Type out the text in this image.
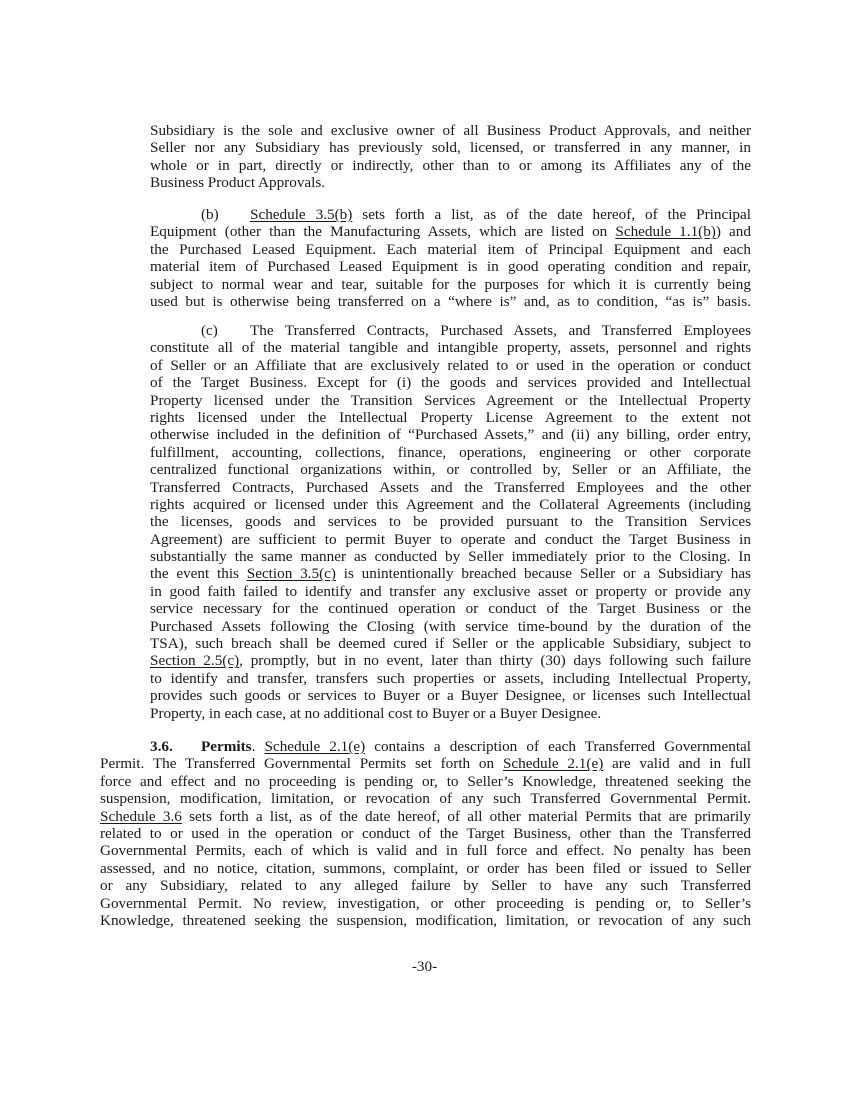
Subsidiary is the sole and exclusive owner of all Business Product Approvals, and neither
Seller nor any Subsidiary has previously sold, licensed, or transferred in any manner, in
whole or in part, directly or indirectly, other than to or among its Affiliates any of the
Business Product Approvals.
(b)	Schedule 3.5(b) sets forth a list, as of the date hereof, of the Principal
Equipment (other than the Manufacturing Assets, which are listed on Schedule 1.1(b)) and
the Purchased Leased Equipment. Each material item of Principal Equipment and each
material item of Purchased Leased Equipment is in good operating condition and repair,
subject to normal wear and tear, suitable for the purposes for which it is currently being
used but is otherwise being transferred on a “where is” and, as to condition, “as is” basis.
(c)	The Transferred Contracts, Purchased Assets, and Transferred Employees
constitute all of the material tangible and intangible property, assets, personnel and rights
of Seller or an Affiliate that are exclusively related to or used in the operation or conduct
of the Target Business. Except for (i) the goods and services provided and Intellectual
Property licensed under the Transition Services Agreement or the Intellectual Property
rights licensed under the Intellectual Property License Agreement to the extent not
otherwise included in the definition of “Purchased Assets,” and (ii) any billing, order entry,
fulfillment, accounting, collections, finance, operations, engineering or other corporate
centralized functional organizations within, or controlled by, Seller or an Affiliate, the
Transferred Contracts, Purchased Assets and the Transferred Employees and the other
rights acquired or licensed under this Agreement and the Collateral Agreements (including
the licenses, goods and services to be provided pursuant to the Transition Services
Agreement) are sufficient to permit Buyer to operate and conduct the Target Business in
substantially the same manner as conducted by Seller immediately prior to the Closing. In
the event this Section 3.5(c) is unintentionally breached because Seller or a Subsidiary has
in good faith failed to identify and transfer any exclusive asset or property or provide any
service necessary for the continued operation or conduct of the Target Business or the
Purchased Assets following the Closing (with service time-bound by the duration of the
TSA), such breach shall be deemed cured if Seller or the applicable Subsidiary, subject to
Section 2.5(c), promptly, but in no event, later than thirty (30) days following such failure
to identify and transfer, transfers such properties or assets, including Intellectual Property,
provides such goods or services to Buyer or a Buyer Designee, or licenses such Intellectual
Property, in each case, at no additional cost to Buyer or a Buyer Designee.
3.6.	Permits. Schedule 2.1(e) contains a description of each Transferred Governmental
Permit. The Transferred Governmental Permits set forth on Schedule 2.1(e) are valid and in full
force and effect and no proceeding is pending or, to Seller’s Knowledge, threatened seeking the
suspension, modification, limitation, or revocation of any such Transferred Governmental Permit.
Schedule 3.6 sets forth a list, as of the date hereof, of all other material Permits that are primarily
related to or used in the operation or conduct of the Target Business, other than the Transferred
Governmental Permits, each of which is valid and in full force and effect. No penalty has been
assessed, and no notice, citation, summons, complaint, or order has been filed or issued to Seller
or any Subsidiary, related to any alleged failure by Seller to have any such Transferred
Governmental Permit. No review, investigation, or other proceeding is pending or, to Seller’s
Knowledge, threatened seeking the suspension, modification, limitation, or revocation of any such
-30-
